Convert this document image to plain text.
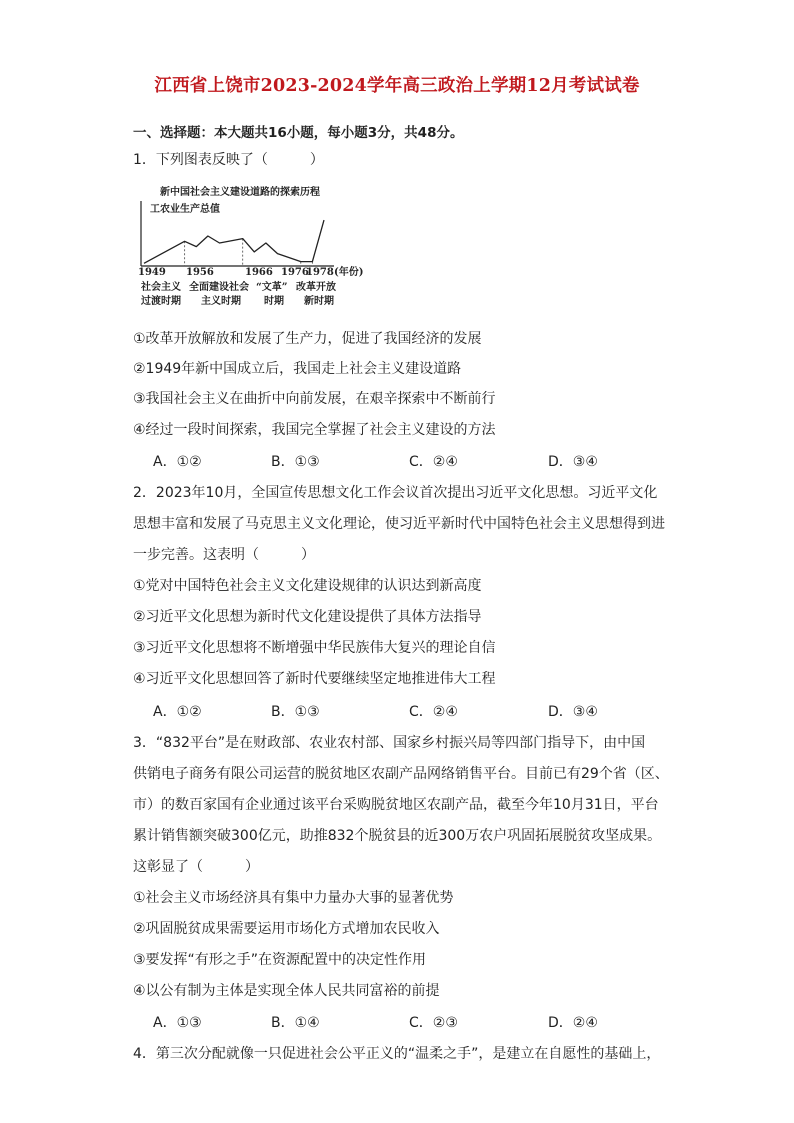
江西省上饶市2023-2024学年高三政治上学期12月考试试卷
一、选择题：本大题共16小题，每小题3分，共48分。
1．下列图表反映了（　　　）
新中国社会主义建设道路的探索历程
工农业生产总值
1949 1956	1966 1976
1978 (年份)
社会主义
过渡时期
全面建设社会
主义时期
“文革”
时期
改革开放
新时期
①改革开放解放和发展了生产力，促进了我国经济的发展
②1949年新中国成立后，我国走上社会主义建设道路
③我国社会主义在曲折中向前发展，在艰辛探索中不断前行
④经过一段时间探索，我国完全掌握了社会主义建设的方法
A．①②	B．①③	C．②④	D．③④
2．2023年10月，全国宣传思想文化工作会议首次提出习近平文化思想。习近平文化
思想丰富和发展了马克思主义文化理论，使习近平新时代中国特色社会主义思想得到进
一步完善。这表明（　　　）
①党对中国特色社会主义文化建设规律的认识达到新高度
②习近平文化思想为新时代文化建设提供了具体方法指导
③习近平文化思想将不断增强中华民族伟大复兴的理论自信
④习近平文化思想回答了新时代要继续坚定地推进伟大工程
A．①②	B．①③	C．②④	D．③④
3．“832平台”是在财政部、农业农村部、国家乡村振兴局等四部门指导下，由中国
供销电子商务有限公司运营的脱贫地区农副产品网络销售平台。目前已有29个省（区、
市）的数百家国有企业通过该平台采购脱贫地区农副产品，截至今年10月31日，平台
累计销售额突破300亿元，助推832个脱贫县的近300万农户巩固拓展脱贫攻坚成果。
这彰显了（　　　）
①社会主义市场经济具有集中力量办大事的显著优势
②巩固脱贫成果需要运用市场化方式增加农民收入
③要发挥“有形之手”在资源配置中的决定性作用
④以公有制为主体是实现全体人民共同富裕的前提
A．①③	B．①④	C．②③	D．②④
4．第三次分配就像一只促进社会公平正义的“温柔之手”，是建立在自愿性的基础上，
